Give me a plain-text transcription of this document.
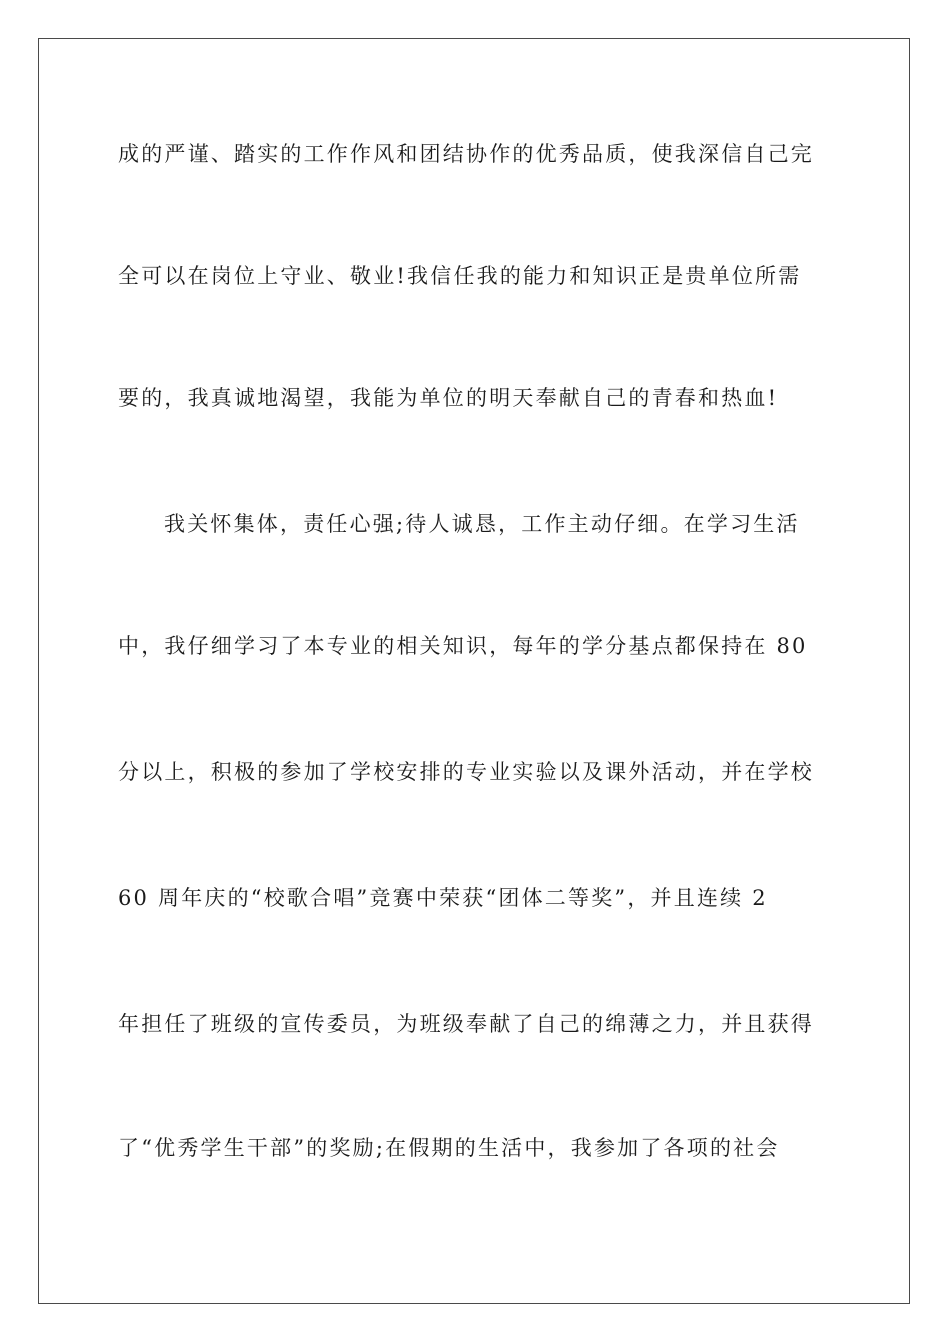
成的严谨、踏实的工作作风和团结协作的优秀品质，使我深信自己完
全可以在岗位上守业、敬业!我信任我的能力和知识正是贵单位所需
要的，我真诚地渴望，我能为单位的明天奉献自己的青春和热血!
我关怀集体，责任心强;待人诚恳，工作主动仔细。在学习生活
中，我仔细学习了本专业的相关知识，每年的学分基点都保持在 80
分以上，积极的参加了学校安排的专业实验以及课外活动，并在学校
60 周年庆的“校歌合唱”竞赛中荣获“团体二等奖”，并且连续 2
年担任了班级的宣传委员，为班级奉献了自己的绵薄之力，并且获得
了“优秀学生干部”的奖励;在假期的生活中，我参加了各项的社会
